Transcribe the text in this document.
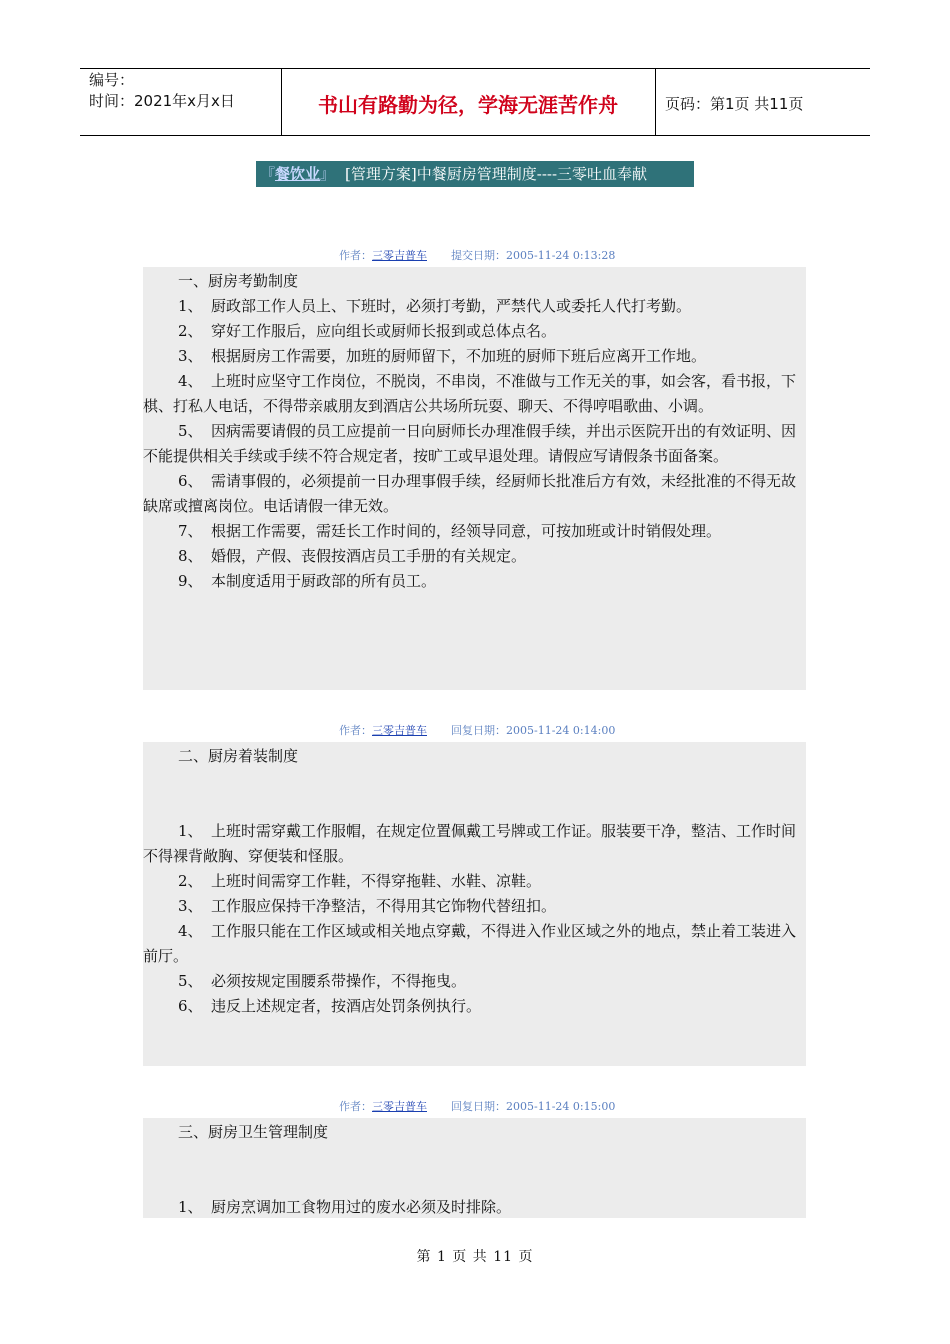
编号：
时间：2021年x月x日	书山有路勤为径，学海无涯苦作舟	页码：第1页 共11页
『餐饮业』 [管理方案]中餐厨房管理制度----三零吐血奉献
作者：三零吉普车 提交日期：2005-11-24 0:13:28

一、厨房考勤制度

1、 厨政部工作人员上、下班时，必须打考勤，严禁代人或委托人代打考勤。

2、 穿好工作服后，应向组长或厨师长报到或总体点名。

3、 根据厨房工作需要，加班的厨师留下，不加班的厨师下班后应离开工作地。

4、 上班时应坚守工作岗位，不脱岗，不串岗，不准做与工作无关的事，如会客，看书报，下棋、打私人电话，不得带亲戚朋友到酒店公共场所玩耍、聊天、不得哼唱歌曲、小调。

5、 因病需要请假的员工应提前一日向厨师长办理准假手续，并出示医院开出的有效证明、因不能提供相关手续或手续不符合规定者，按旷工或早退处理。请假应写请假条书面备案。

6、 需请事假的，必须提前一日办理事假手续，经厨师长批准后方有效，未经批准的不得无故缺席或擅离岗位。电话请假一律无效。

7、 根据工作需要，需廷长工作时间的，经领导同意，可按加班或计时销假处理。

8、 婚假，产假、丧假按酒店员工手册的有关规定。

9、 本制度适用于厨政部的所有员工。

作者：三零吉普车 回复日期：2005-11-24 0:14:00

二、厨房着装制度

1、 上班时需穿戴工作服帽，在规定位置佩戴工号牌或工作证。服装要干净，整洁、工作时间不得裸背敞胸、穿便装和怪服。

2、 上班时间需穿工作鞋，不得穿拖鞋、水鞋、凉鞋。

3、 工作服应保持干净整洁，不得用其它饰物代替纽扣。

4、 工作服只能在工作区域或相关地点穿戴，不得进入作业区域之外的地点，禁止着工装进入前厅。

5、 必须按规定围腰系带操作，不得拖曳。

6、 违反上述规定者，按酒店处罚条例执行。

作者：三零吉普车 回复日期：2005-11-24 0:15:00

三、厨房卫生管理制度

1、 厨房烹调加工食物用过的废水必须及时排除。

第 1 页 共 11 页
